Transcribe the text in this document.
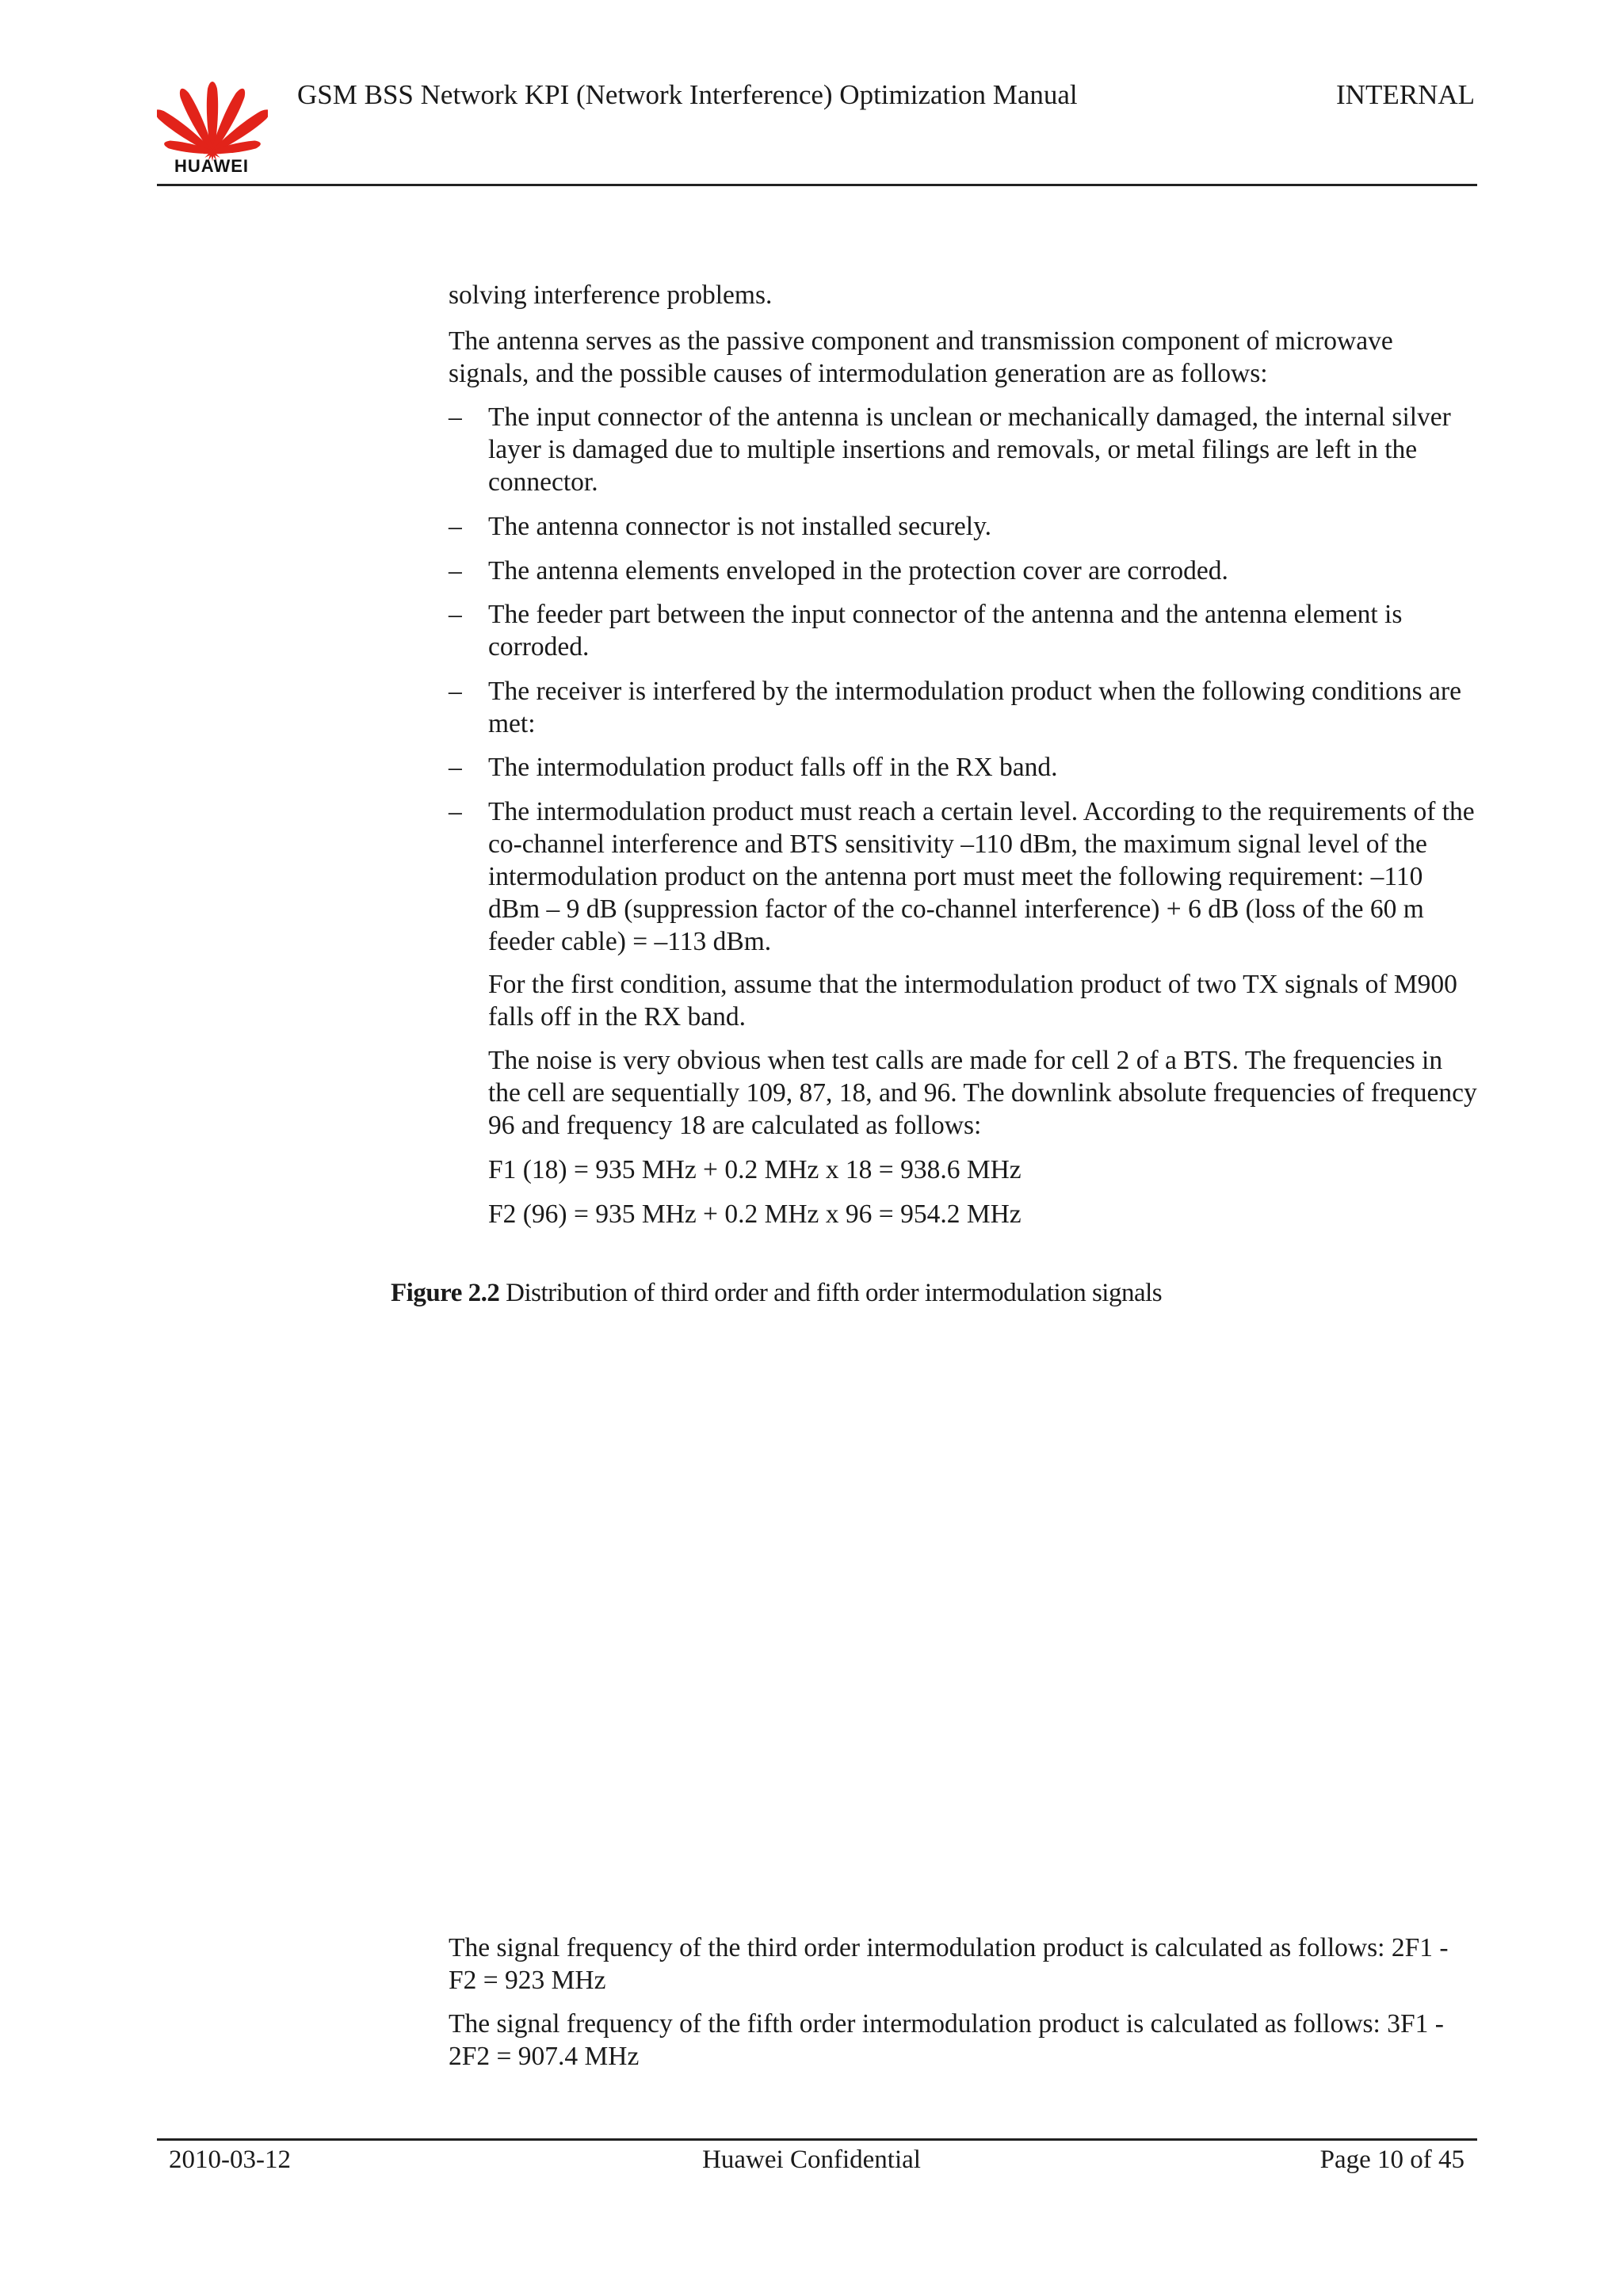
HUAWEI
GSM BSS Network KPI (Network Interference) Optimization Manual	INTERNAL

solving interference problems.

The antenna serves as the passive component and transmission component of microwave signals, and the possible causes of intermodulation generation are as follows:

– The input connector of the antenna is unclean or mechanically damaged, the internal silver layer is damaged due to multiple insertions and removals, or metal filings are left in the connector.
– The antenna connector is not installed securely.
– The antenna elements enveloped in the protection cover are corroded.
– The feeder part between the input connector of the antenna and the antenna element is corroded.
– The receiver is interfered by the intermodulation product when the following conditions are met:
– The intermodulation product falls off in the RX band.
– The intermodulation product must reach a certain level. According to the requirements of the co-channel interference and BTS sensitivity –110 dBm, the maximum signal level of the intermodulation product on the antenna port must meet the following requirement: –110 dBm – 9 dB (suppression factor of the co-channel interference) + 6 dB (loss of the 60 m feeder cable) = –113 dBm.
For the first condition, assume that the intermodulation product of two TX signals of M900 falls off in the RX band.
The noise is very obvious when test calls are made for cell 2 of a BTS. The frequencies in the cell are sequentially 109, 87, 18, and 96. The downlink absolute frequencies of frequency 96 and frequency 18 are calculated as follows:
F1 (18) = 935 MHz + 0.2 MHz x 18 = 938.6 MHz
F2 (96) = 935 MHz + 0.2 MHz x 96 = 954.2 MHz
Figure 2.2 Distribution of third order and fifth order intermodulation signals

The signal frequency of the third order intermodulation product is calculated as follows: 2F1 - F2 = 923 MHz

The signal frequency of the fifth order intermodulation product is calculated as follows: 3F1 - 2F2 = 907.4 MHz

2010-03-12	Huawei Confidential	Page 10 of 45
